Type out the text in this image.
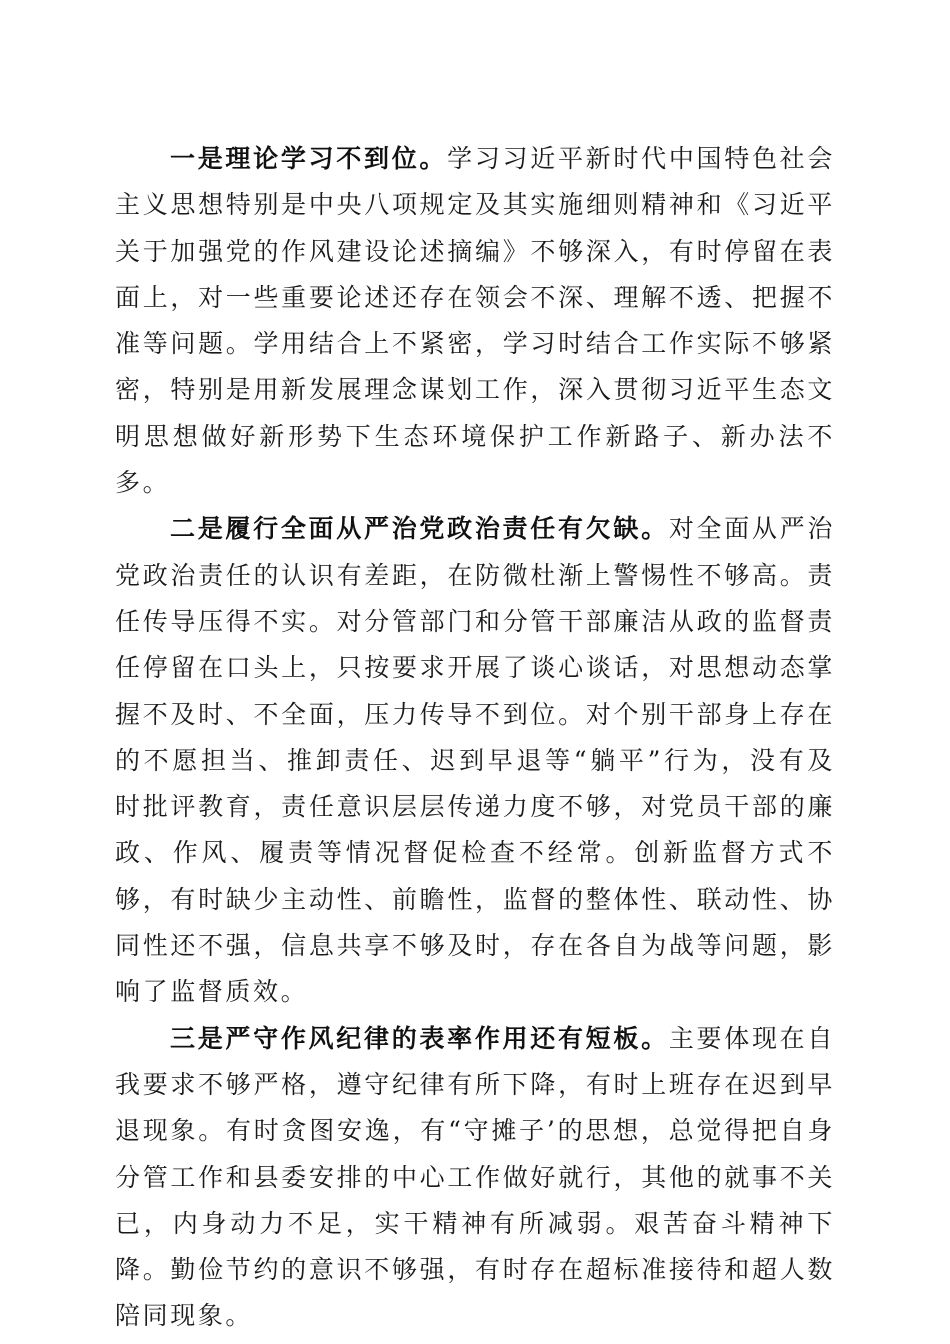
一是理论学习不到位。学习习近平新时代中国特色社会主义思想特别是中央八项规定及其实施细则精神和《习近平关于加强党的作风建设论述摘编》不够深入，有时停留在表面上，对一些重要论述还存在领会不深、理解不透、把握不准等问题。学用结合上不紧密，学习时结合工作实际不够紧密，特别是用新发展理念谋划工作，深入贯彻习近平生态文明思想做好新形势下生态环境保护工作新路子、新办法不多。

二是履行全面从严治党政治责任有欠缺。对全面从严治党政治责任的认识有差距，在防微杜渐上警惕性不够高。责任传导压得不实。对分管部门和分管干部廉洁从政的监督责任停留在口头上，只按要求开展了谈心谈话，对思想动态掌握不及时、不全面，压力传导不到位。对个别干部身上存在的不愿担当、推卸责任、迟到早退等“躺平”行为，没有及时批评教育，责任意识层层传递力度不够，对党员干部的廉政、作风、履责等情况督促检查不经常。创新监督方式不够，有时缺少主动性、前瞻性，监督的整体性、联动性、协同性还不强，信息共享不够及时，存在各自为战等问题，影响了监督质效。

三是严守作风纪律的表率作用还有短板。主要体现在自我要求不够严格，遵守纪律有所下降，有时上班存在迟到早退现象。有时贪图安逸，有“守摊子’的思想，总觉得把自身分管工作和县委安排的中心工作做好就行，其他的就事不关已，内身动力不足，实干精神有所减弱。艰苦奋斗精神下降。勤俭节约的意识不够强，有时存在超标准接待和超人数陪同现象。
